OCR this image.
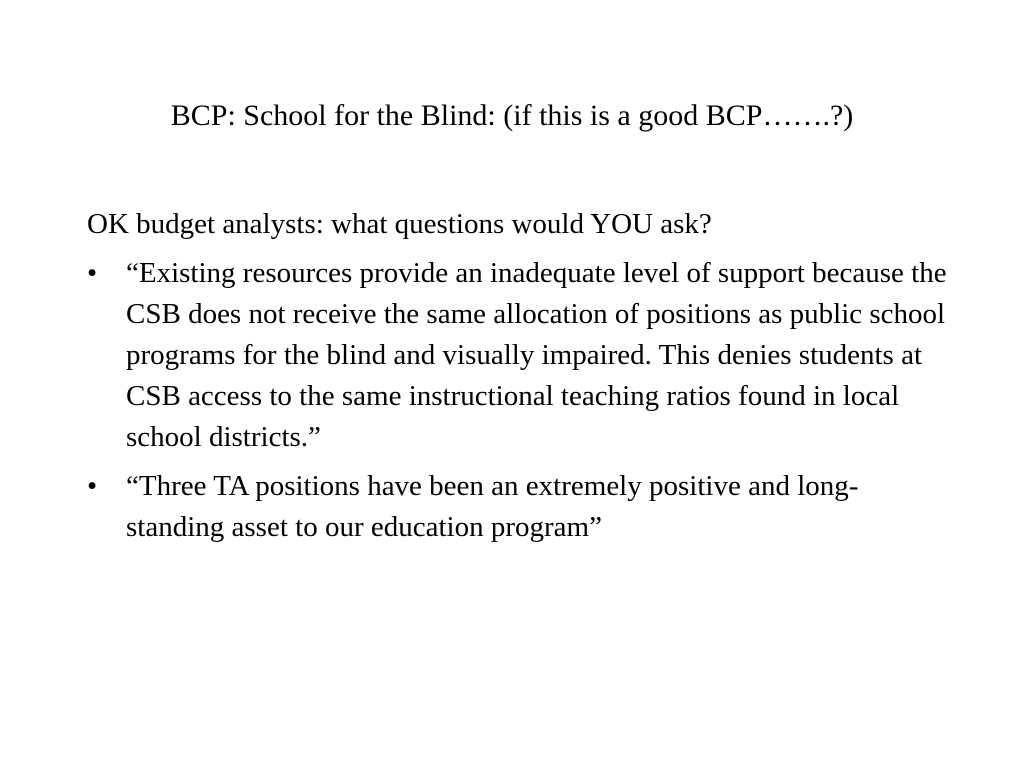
BCP: School for the Blind: (if this is a good BCP…….?)

OK budget analysts: what questions would YOU ask?

• “Existing resources provide an inadequate level of support because the CSB does not receive the same allocation of positions as public school programs for the blind and visually impaired. This denies students at CSB access to the same instructional teaching ratios found in local school districts.”
• “Three TA positions have been an extremely positive and long-standing asset to our education program”
